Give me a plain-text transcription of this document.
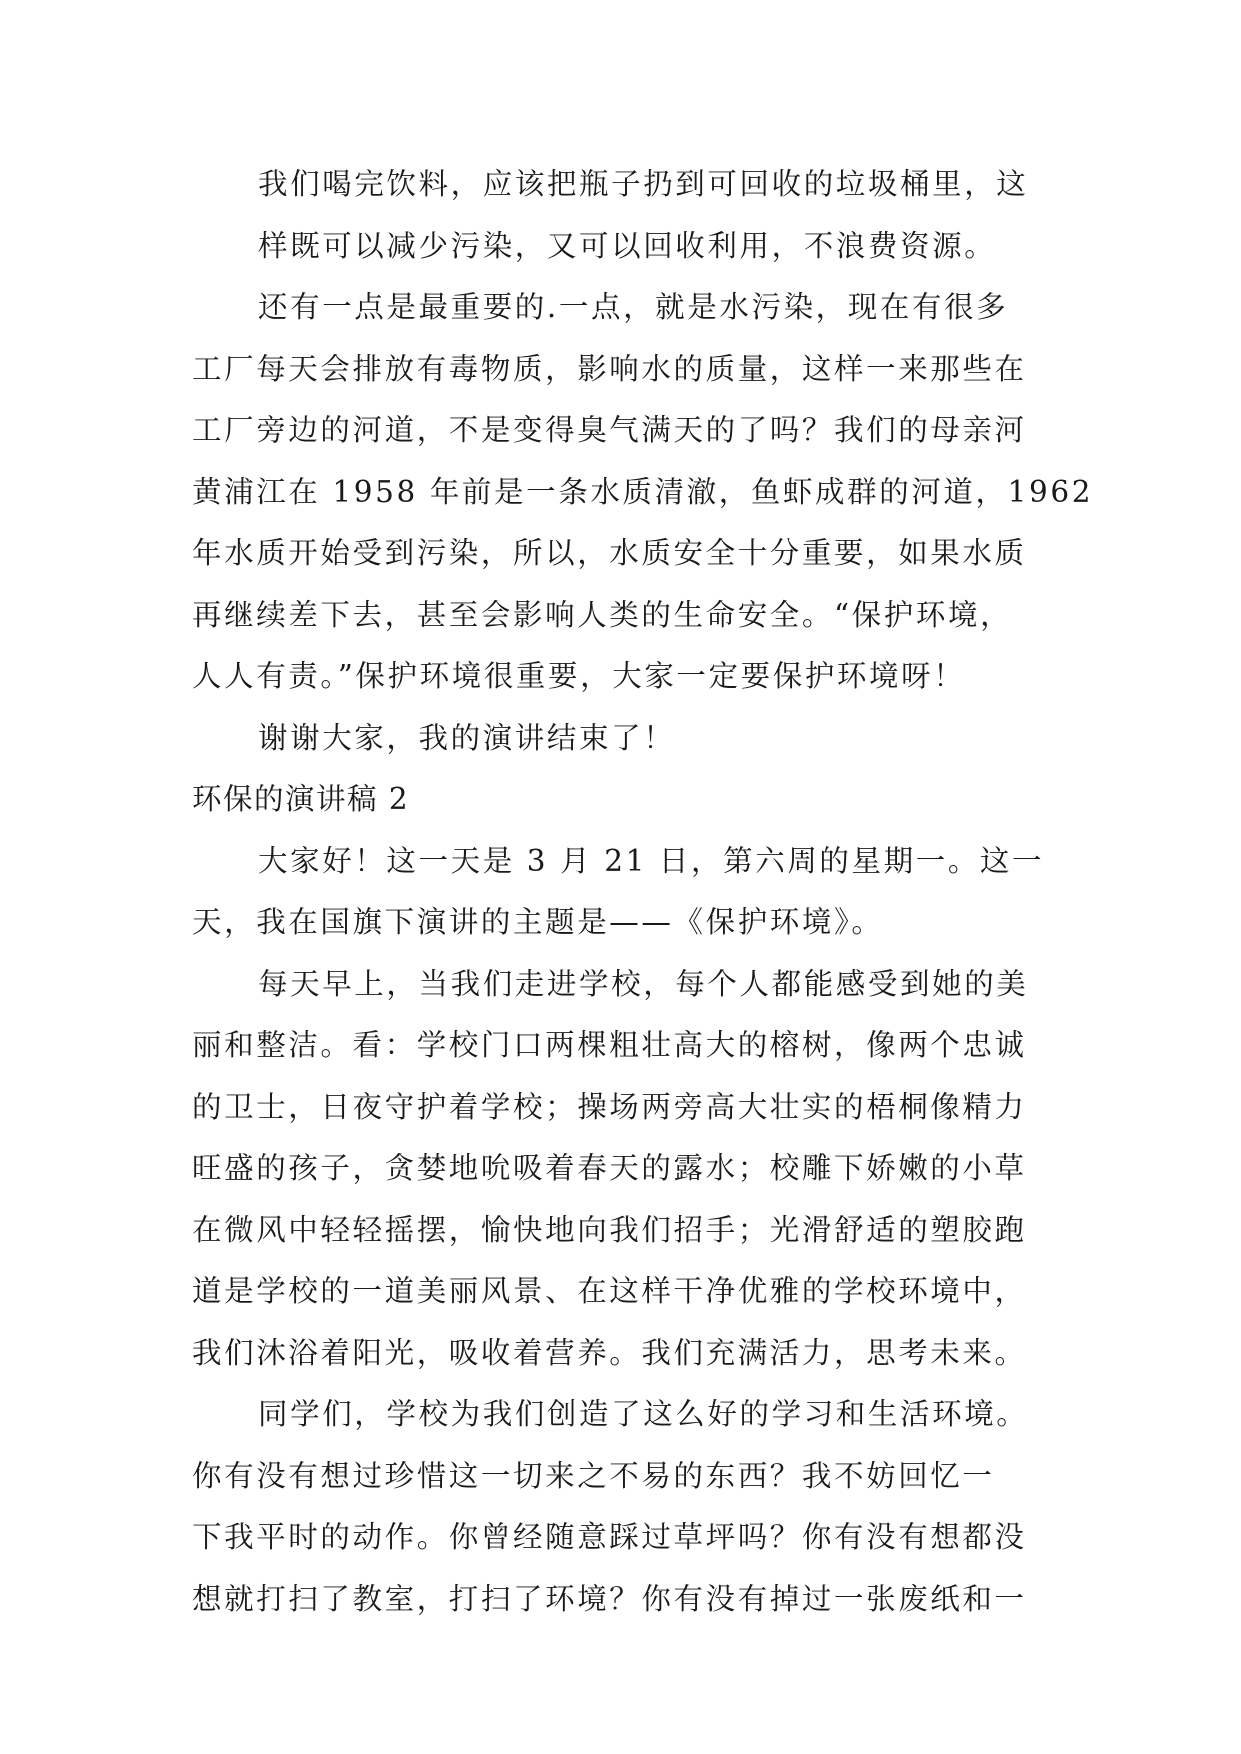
我们喝完饮料，应该把瓶子扔到可回收的垃圾桶里，这
样既可以减少污染，又可以回收利用，不浪费资源。

还有一点是最重要的.一点，就是水污染，现在有很多
工厂每天会排放有毒物质，影响水的质量，这样一来那些在
工厂旁边的河道，不是变得臭气满天的了吗？我们的母亲河
黄浦江在 1958 年前是一条水质清澈，鱼虾成群的河道，1962
年水质开始受到污染，所以，水质安全十分重要，如果水质
再继续差下去，甚至会影响人类的生命安全。“保护环境，
人人有责。”保护环境很重要，大家一定要保护环境呀！

谢谢大家，我的演讲结束了！

环保的演讲稿 2

大家好！这一天是 3 月 21 日，第六周的星期一。这一
天，我在国旗下演讲的主题是——《保护环境》。

每天早上，当我们走进学校，每个人都能感受到她的美
丽和整洁。看：学校门口两棵粗壮高大的榕树，像两个忠诚
的卫士，日夜守护着学校；操场两旁高大壮实的梧桐像精力
旺盛的孩子，贪婪地吮吸着春天的露水；校雕下娇嫩的小草
在微风中轻轻摇摆，愉快地向我们招手；光滑舒适的塑胶跑
道是学校的一道美丽风景、在这样干净优雅的学校环境中，
我们沐浴着阳光，吸收着营养。我们充满活力，思考未来。

同学们，学校为我们创造了这么好的学习和生活环境。
你有没有想过珍惜这一切来之不易的东西？我不妨回忆一
下我平时的动作。你曾经随意踩过草坪吗？你有没有想都没
想就打扫了教室，打扫了环境？你有没有掉过一张废纸和一
